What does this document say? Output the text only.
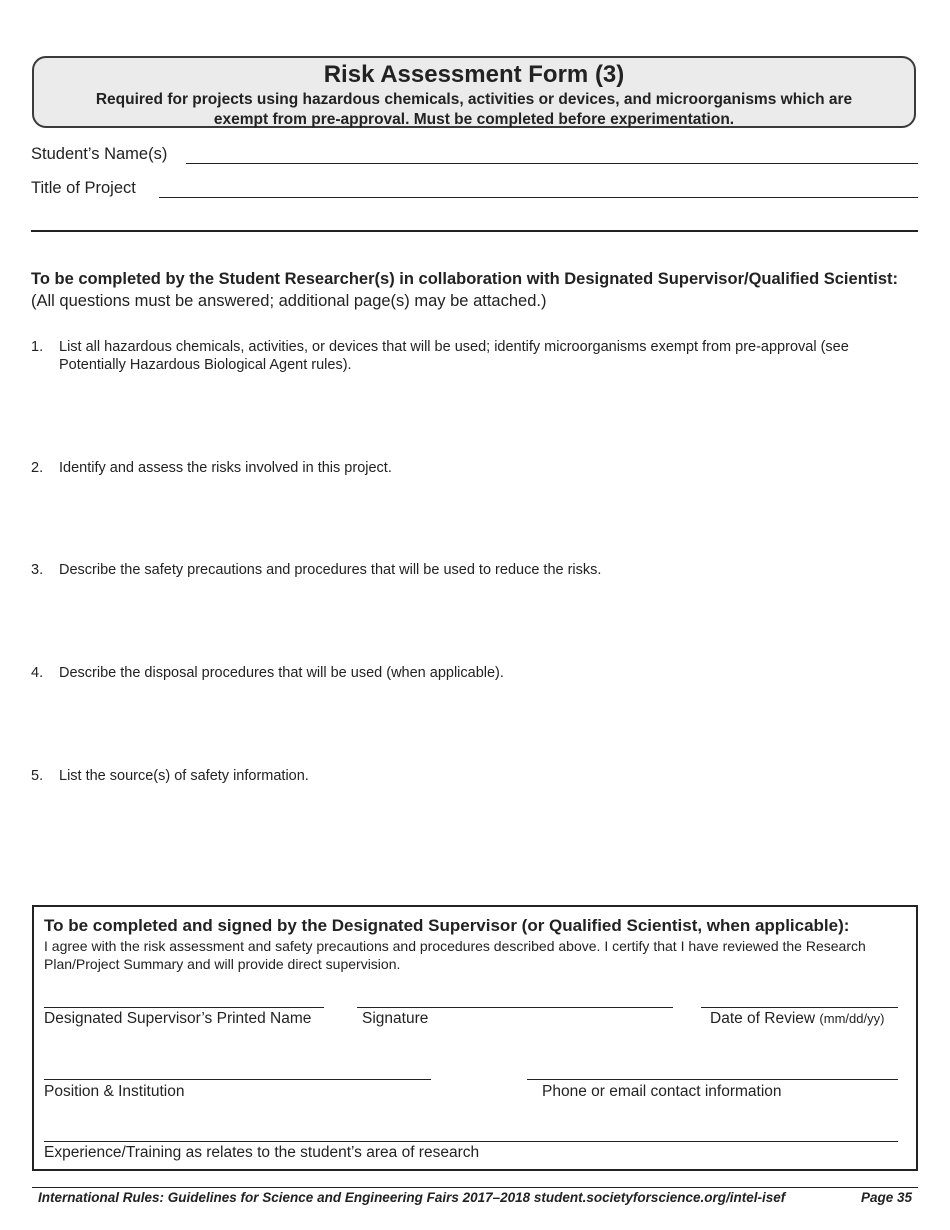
Risk Assessment Form (3)
Required for projects using hazardous chemicals, activities or devices, and microorganisms which are exempt from pre-approval. Must be completed before experimentation.
Student’s Name(s)
Title of Project
To be completed by the Student Researcher(s) in collaboration with Designated Supervisor/Qualified Scientist: (All questions must be answered; additional page(s) may be attached.)
1. List all hazardous chemicals, activities, or devices that will be used; identify microorganisms exempt from pre-approval (see Potentially Hazardous Biological Agent rules).
2. Identify and assess the risks involved in this project.
3. Describe the safety precautions and procedures that will be used to reduce the risks.
4. Describe the disposal procedures that will be used (when applicable).
5. List the source(s) of safety information.
To be completed and signed by the Designated Supervisor (or Qualified Scientist, when applicable):
I agree with the risk assessment and safety precautions and procedures described above. I certify that I have reviewed the Research Plan/Project Summary and will provide direct supervision.
Designated Supervisor’s Printed Name	Signature	Date of Review (mm/dd/yy)
Position & Institution	Phone or email contact information
Experience/Training as relates to the student’s area of research
International Rules: Guidelines for Science and Engineering Fairs 2017–2018 student.societyforscience.org/intel-isef	Page 35
